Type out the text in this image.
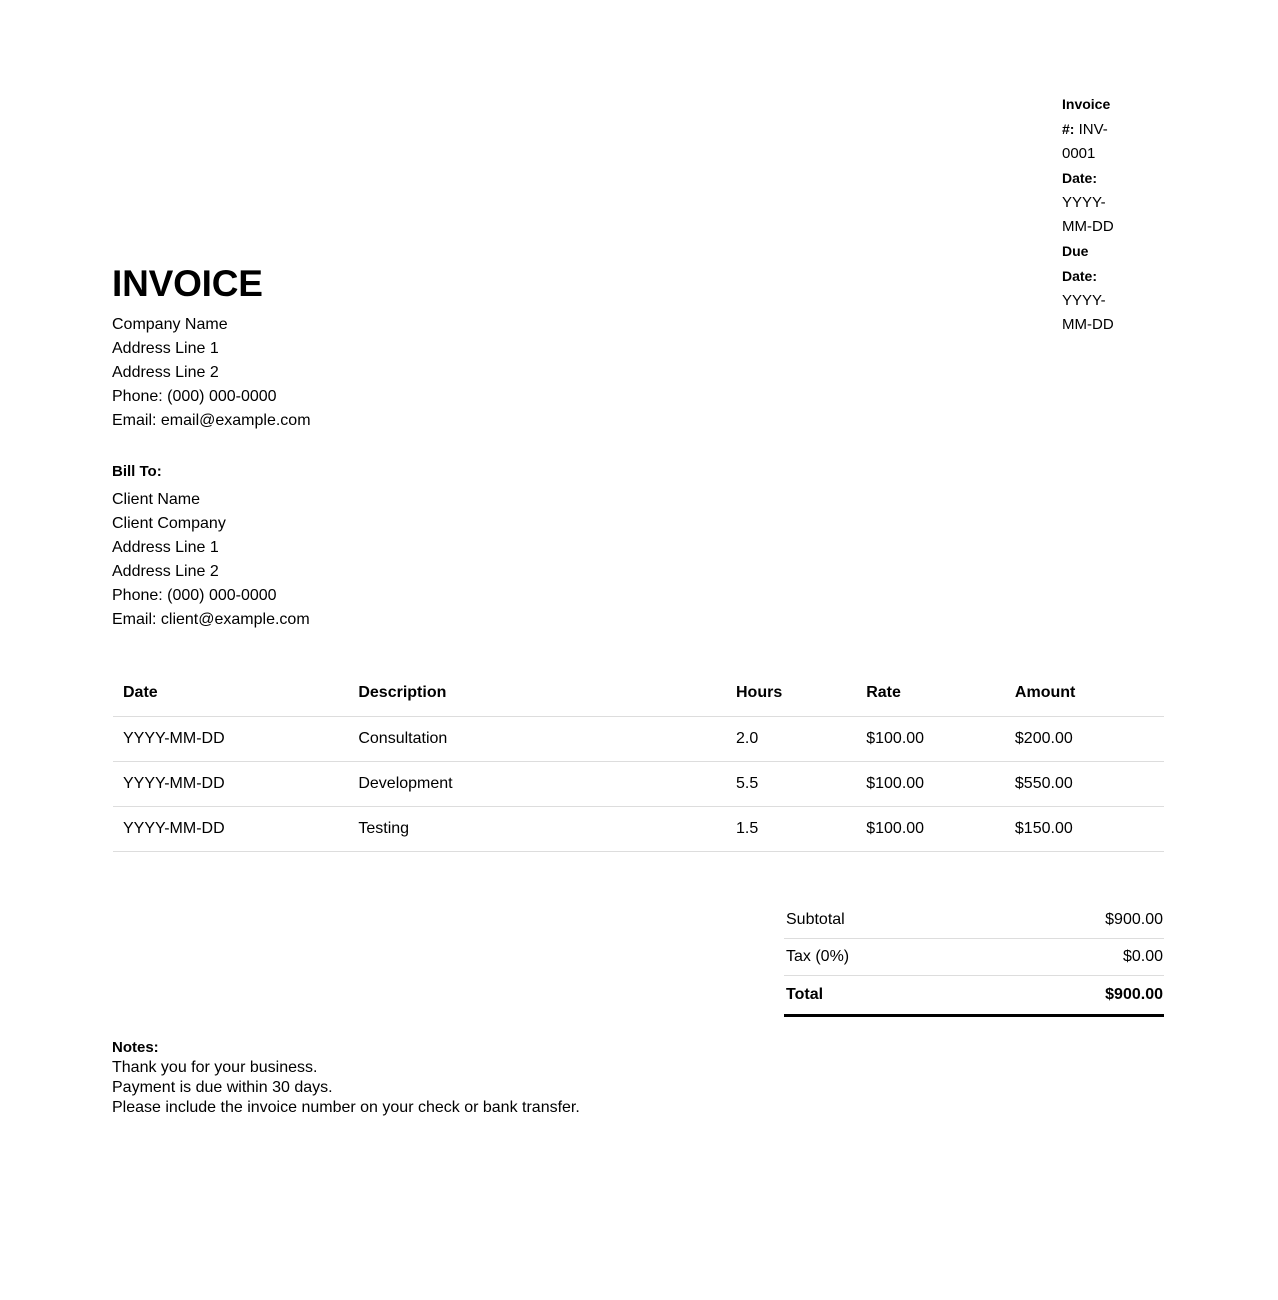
Invoice #: INV-0001 Date: YYYY-MM-DD Due Date: YYYY-MM-DD
INVOICE
Company Name
Address Line 1
Address Line 2
Phone: (000) 000-0000
Email: email@example.com
Bill To:
Client Name
Client Company
Address Line 1
Address Line 2
Phone: (000) 000-0000
Email: client@example.com
Date	Description	Hours	Rate	Amount
YYYY-MM-DD	Consultation	2.0	$100.00	$200.00
YYYY-MM-DD	Development	5.5	$100.00	$550.00
YYYY-MM-DD	Testing	1.5	$100.00	$150.00
Subtotal	$900.00
Tax (0%)	$0.00
Total	$900.00
Notes:
Thank you for your business.
Payment is due within 30 days.
Please include the invoice number on your check or bank transfer.
